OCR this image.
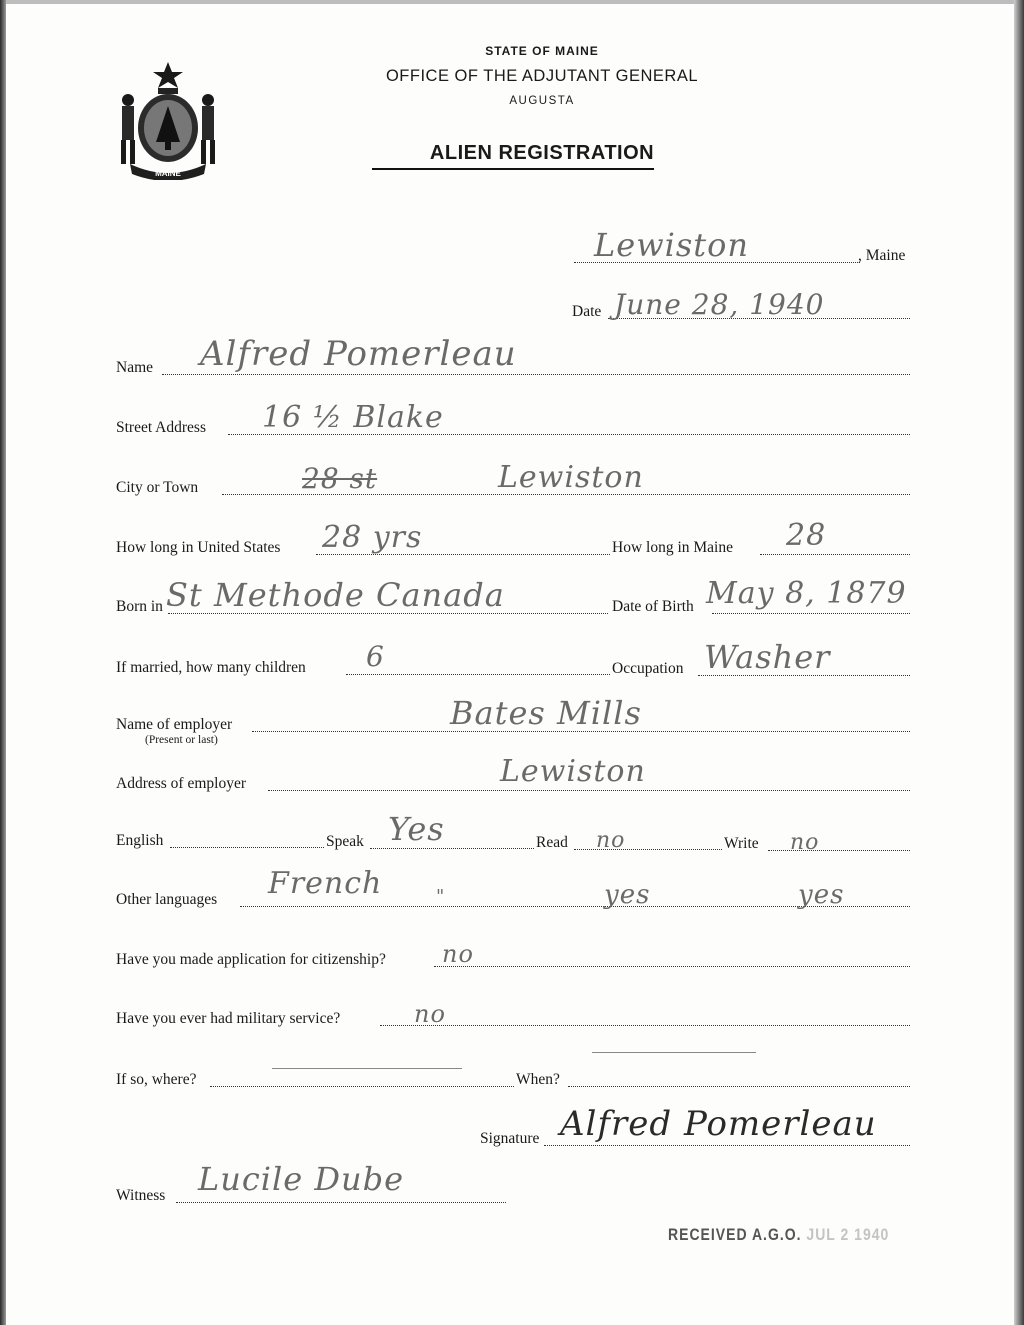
MAINE
STATE OF MAINE
OFFICE OF THE ADJUTANT GENERAL
AUGUSTA
ALIEN REGISTRATION
Lewiston	, Maine
Date June 28, 1940
Name Alfred Pomerleau
Street Address 16 ½ Blake
City or Town	28 st	Lewiston
How long in United States 28 yrs	How long in Maine 28
Born in St Methode Canada	Date of Birth May 8, 1879
If married, how many children 6	Occupation Washer
Name of employer
(Present or last)
Bates Mills
Address of employer	Lewiston
English	Speak Yes	Read no	Write no
Other languages French	"	yes	yes
Have you made application for citizenship? no
Have you ever had military service?	no
If so, where?	When?
Signature Alfred Pomerleau
Witness Lucile Dube
RECEIVED A.G.O. JUL 2 1940
